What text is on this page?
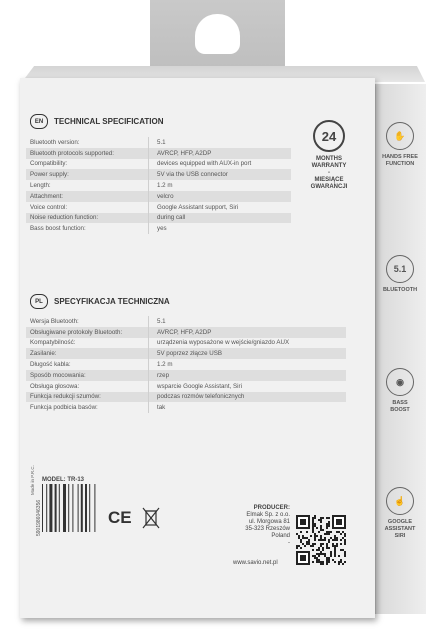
EN	TECHNICAL SPECIFICATION
Bluetooth version:	5.1
Bluetooth protocols supported:	AVRCP, HFP, A2DP
Compatibility:	devices equipped with AUX-in port
Power supply:	5V via the USB connector
Length:	1.2 m
Attachment:	velcro
Voice control:	Google Assistant support, Siri
Noise reduction function:	during call
Bass boost function:	yes
24
MONTHS
WARRANTY
-
MIESIĄCE
GWARANCJI
PL	SPECYFIKACJA TECHNICZNA
Wersja Bluetooth:	5.1
Obsługiwane protokoły Bluetooth:	AVRCP, HFP, A2DP
Kompatybilność:	urządzenia wyposażone w wejście/gniazdo AUX
Zasilanie:	5V poprzez złącze USB
Długość kabla:	1.2 m
Sposób mocowania:	rzep
Obsługa głosowa:	wsparcie Google Assistant, Siri
Funkcja redukcji szumów:	podczas rozmów telefonicznych
Funkcja podbicia basów:	tak
✋
HANDS FREE
FUNCTION
5.1
BLUETOOTH
◉
BASS
BOOST
☝
GOOGLE
ASSISTANT
SIRI
MODEL: TR-13
Made in P.R.C.
5901986046356	CE	PRODUCER:
Elmak Sp. z o.o.
ul. Morgowa 81
35-323 Rzeszów
Poland
-
www.savio.net.pl
